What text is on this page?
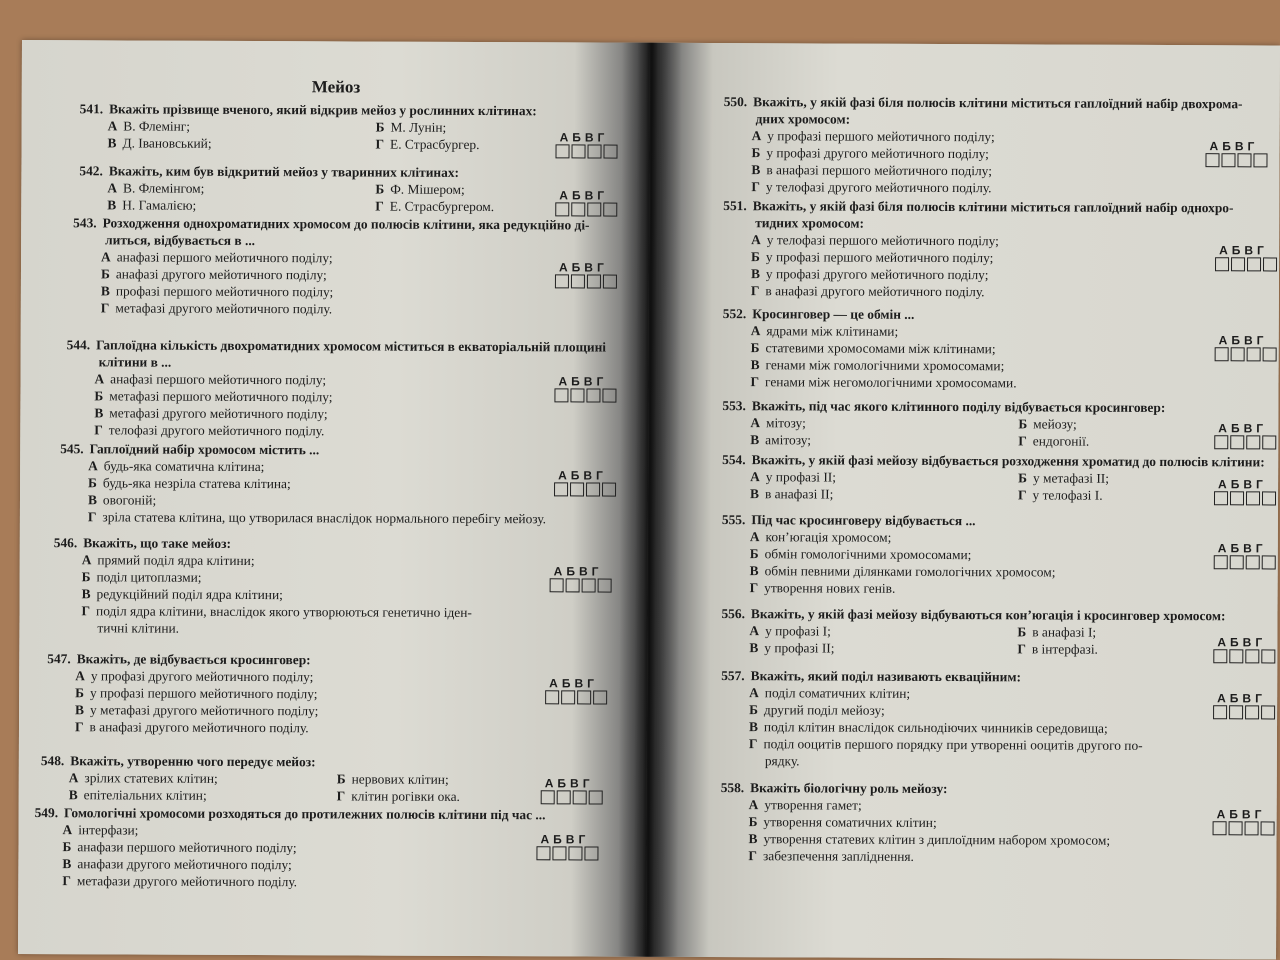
Мейоз
541. Вкажіть прізвище вченого, який відкрив мейоз у рослинних клітинах:
А В. Флемінг;	Б М. Лунін;
В Д. Івановський;	Г Е. Страсбургер.	АБВГ
542. Вкажіть, ким був відкритий мейоз у тваринних клітинах:
А В. Флемінгом;	Б Ф. Мішером;
В Н. Гамалією;	Г Е. Страсбургером.
АБВГ
543. Розходження однохроматидних хромосом до полюсів клітини, яка редукційно ді-
литься, відбувається в ...
А анафазі першого мейотичного поділу;
Б анафазі другого мейотичного поділу;
В профазі першого мейотичного поділу;
Г метафазі другого мейотичного поділу.
АБВГ
544. Гаплоїдна кількість двохроматидних хромосом міститься в екваторіальній площині
клітини в ...
А анафазі першого мейотичного поділу;
Б метафазі першого мейотичного поділу;
В метафазі другого мейотичного поділу;
Г телофазі другого мейотичного поділу.
АБВГ
545. Гаплоїдний набір хромосом містить ...
А будь-яка соматична клітина;
Б будь-яка незріла статева клітина;
В овогоній;
Г зріла статева клітина, що утворилася внаслідок нормального перебігу мейозу.
АБВГ
546. Вкажіть, що таке мейоз:
А прямий поділ ядра клітини;
Б поділ цитоплазми;
В редукційний поділ ядра клітини;
Г поділ ядра клітини, внаслідок якого утворюються генетично іден-
тичні клітини.
АБВГ
547. Вкажіть, де відбувається кросинговер:
А у профазі другого мейотичного поділу;
Б у профазі першого мейотичного поділу;
В у метафазі другого мейотичного поділу;
Г в анафазі другого мейотичного поділу.
АБВГ
548. Вкажіть, утворенню чого передує мейоз:
А зрілих статевих клітин;	Б нервових клітин;
В епітеліальних клітин;	Г клітин рогівки ока.
АБВГ
549. Гомологічні хромосоми розходяться до протилежних полюсів клітини під час ...
А інтерфази;
Б анафази першого мейотичного поділу;
В анафази другого мейотичного поділу;
Г метафази другого мейотичного поділу.
АБВГ
550. Вкажіть, у якій фазі біля полюсів клітини міститься гаплоїдний набір двохрома-
дних хромосом:
А у профазі першого мейотичного поділу;
Б у профазі другого мейотичного поділу;
В в анафазі першого мейотичного поділу;
Г у телофазі другого мейотичного поділу.
АБВГ
551. Вкажіть, у якій фазі біля полюсів клітини міститься гаплоїдний набір однохро-
тидних хромосом:
А у телофазі першого мейотичного поділу;
Б у профазі першого мейотичного поділу;
В у профазі другого мейотичного поділу;
Г в анафазі другого мейотичного поділу.
АБВГ
552. Кросинговер — це обмін ...
А ядрами між клітинами;
Б статевими хромосомами між клітинами;
В генами між гомологічними хромосомами;
Г генами між негомологічними хромосомами.
АБВГ
553. Вкажіть, під час якого клітинного поділу відбувається кросинговер:
А мітозу;	Б мейозу;
В амітозу;	Г ендогонії.
АБВГ
554. Вкажіть, у якій фазі мейозу відбувається розходження хроматид до полюсів клітини:
А у профазі II;	Б у метафазі II;
В в анафазі II;	Г у телофазі I.
АБВГ
555. Під час кросинговеру відбувається ...
А кон’югація хромосом;
Б обмін гомологічними хромосомами;
В обмін певними ділянками гомологічних хромосом;
Г утворення нових генів.
АБВГ
556. Вкажіть, у якій фазі мейозу відбуваються кон’югація і кросинговер хромосом:
А у профазі I;	Б в анафазі I;
В у профазі II;	Г в інтерфазі.	АБВГ
557. Вкажіть, який поділ називають екваційним:
А поділ соматичних клітин;
Б другий поділ мейозу;
В поділ клітин внаслідок сильнодіючих чинників середовища;
Г поділ ооцитів першого порядку при утворенні ооцитів другого по-
рядку.
АБВГ
558. Вкажіть біологічну роль мейозу:
А утворення гамет;
Б утворення соматичних клітин;
В утворення статевих клітин з диплоїдним набором хромосом;
Г забезпечення запліднення.
АБВГ
